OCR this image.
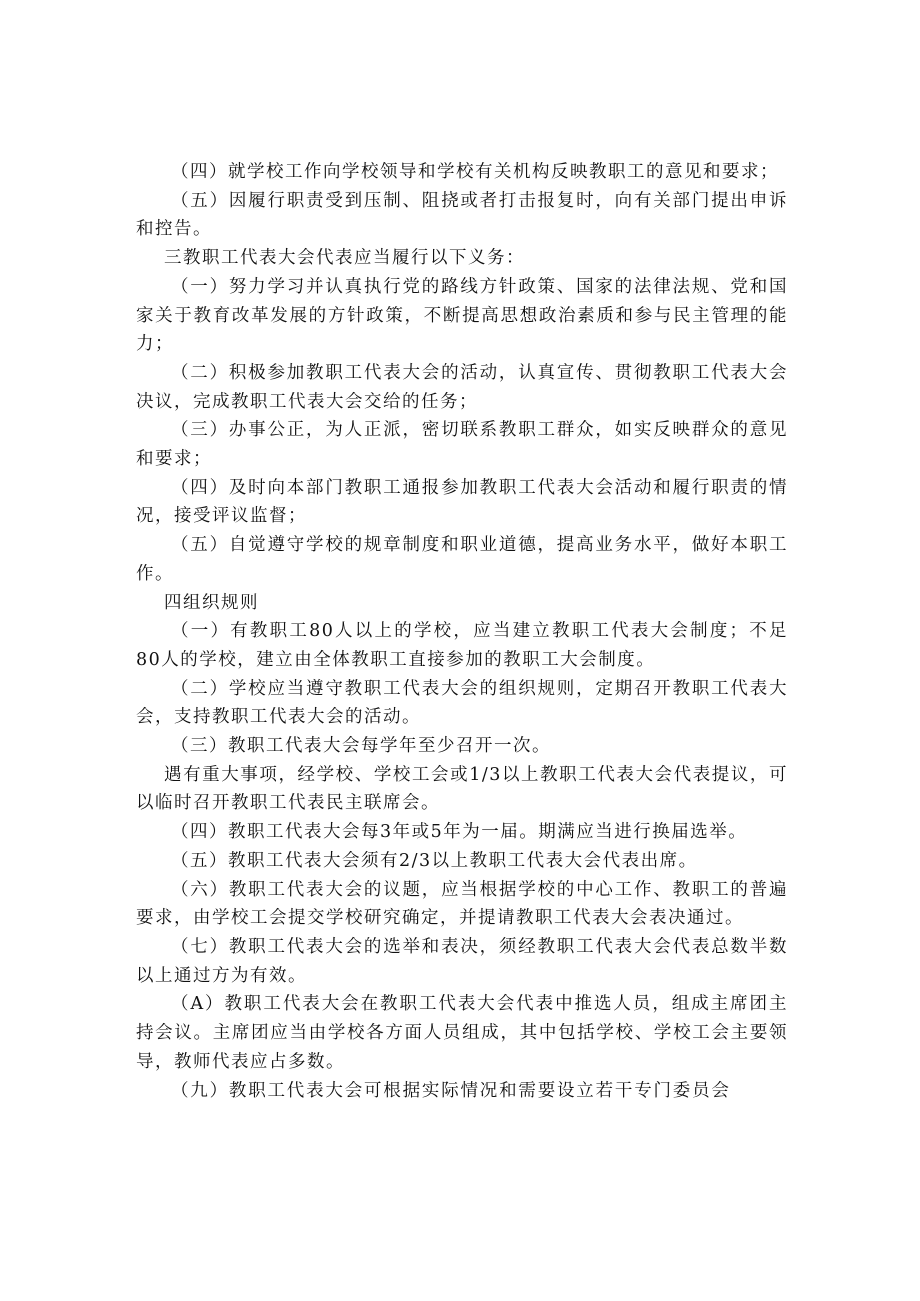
（四）就学校工作向学校领导和学校有关机构反映教职工的意见和要求；

（五）因履行职责受到压制、阻挠或者打击报复时，向有关部门提出申诉和控告。

三教职工代表大会代表应当履行以下义务：

（一）努力学习并认真执行党的路线方针政策、国家的法律法规、党和国家关于教育改革发展的方针政策，不断提高思想政治素质和参与民主管理的能力；

（二）积极参加教职工代表大会的活动，认真宣传、贯彻教职工代表大会决议，完成教职工代表大会交给的任务；

（三）办事公正，为人正派，密切联系教职工群众，如实反映群众的意见和要求；

（四）及时向本部门教职工通报参加教职工代表大会活动和履行职责的情况，接受评议监督；

（五）自觉遵守学校的规章制度和职业道德，提高业务水平，做好本职工作。

四组织规则

（一）有教职工80人以上的学校，应当建立教职工代表大会制度；不足80人的学校，建立由全体教职工直接参加的教职工大会制度。

（二）学校应当遵守教职工代表大会的组织规则，定期召开教职工代表大会，支持教职工代表大会的活动。

（三）教职工代表大会每学年至少召开一次。

遇有重大事项，经学校、学校工会或1/3以上教职工代表大会代表提议，可以临时召开教职工代表民主联席会。

（四）教职工代表大会每3年或5年为一届。期满应当进行换届选举。

（五）教职工代表大会须有2/3以上教职工代表大会代表出席。

（六）教职工代表大会的议题，应当根据学校的中心工作、教职工的普遍要求，由学校工会提交学校研究确定，并提请教职工代表大会表决通过。

（七）教职工代表大会的选举和表决，须经教职工代表大会代表总数半数以上通过方为有效。

（A）教职工代表大会在教职工代表大会代表中推选人员，组成主席团主持会议。主席团应当由学校各方面人员组成，其中包括学校、学校工会主要领导，教师代表应占多数。

（九）教职工代表大会可根据实际情况和需要设立若干专门委员会
